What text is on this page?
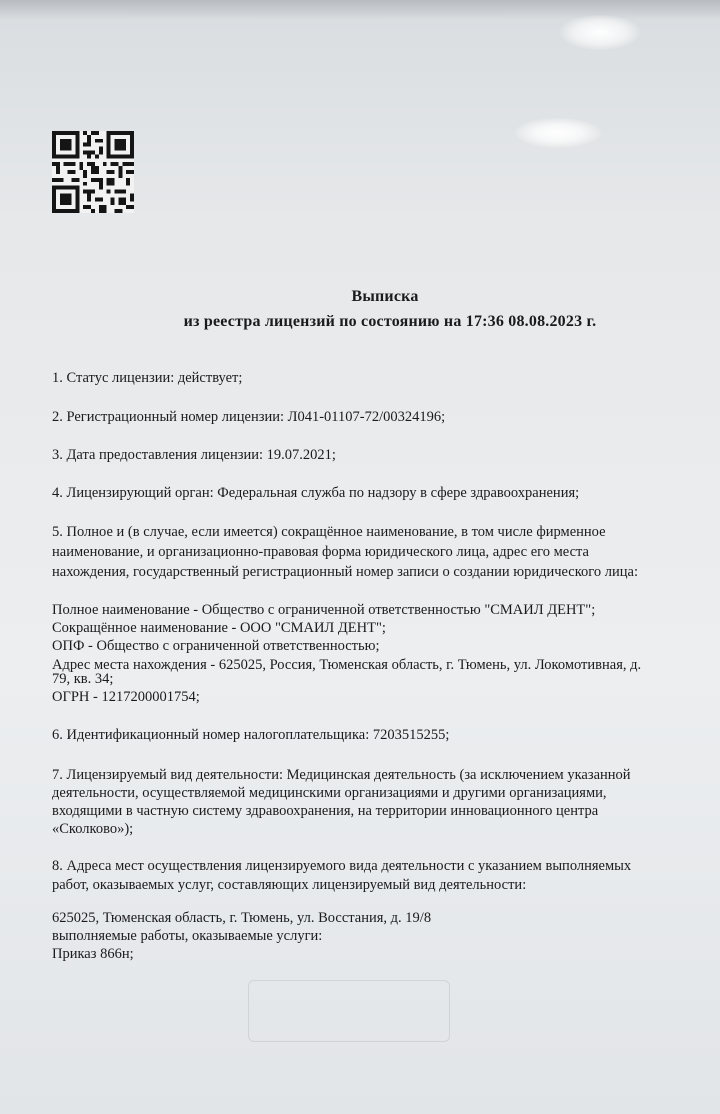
Выписка
из реестра лицензий по состоянию на 17:36 08.08.2023 г.
1. Статус лицензии: действует;
2. Регистрационный номер лицензии: Л041-01107-72/00324196;
3. Дата предоставления лицензии: 19.07.2021;
4. Лицензирующий орган: Федеральная служба по надзору в сфере здравоохранения;
5. Полное и (в случае, если имеется) сокращённое наименование, в том числе фирменное
наименование, и организационно-правовая форма юридического лица, адрес его места
нахождения, государственный регистрационный номер записи о создании юридического лица:
Полное наименование - Общество с ограниченной ответственностью "СМАИЛ ДЕНТ";
Сокращённое наименование - ООО "СМАИЛ ДЕНТ";
ОПФ - Общество с ограниченной ответственностью;
Адрес места нахождения - 625025, Россия, Тюменская область, г. Тюмень, ул. Локомотивная, д.
79, кв. 34;
ОГРН - 1217200001754;
6. Идентификационный номер налогоплательщика: 7203515255;
7. Лицензируемый вид деятельности: Медицинская деятельность (за исключением указанной
деятельности, осуществляемой медицинскими организациями и другими организациями,
входящими в частную систему здравоохранения, на территории инновационного центра
«Сколково»);
8. Адреса мест осуществления лицензируемого вида деятельности с указанием выполняемых
работ, оказываемых услуг, составляющих лицензируемый вид деятельности:
625025, Тюменская область, г. Тюмень, ул. Восстания, д. 19/8
выполняемые работы, оказываемые услуги:
Приказ 866н;
